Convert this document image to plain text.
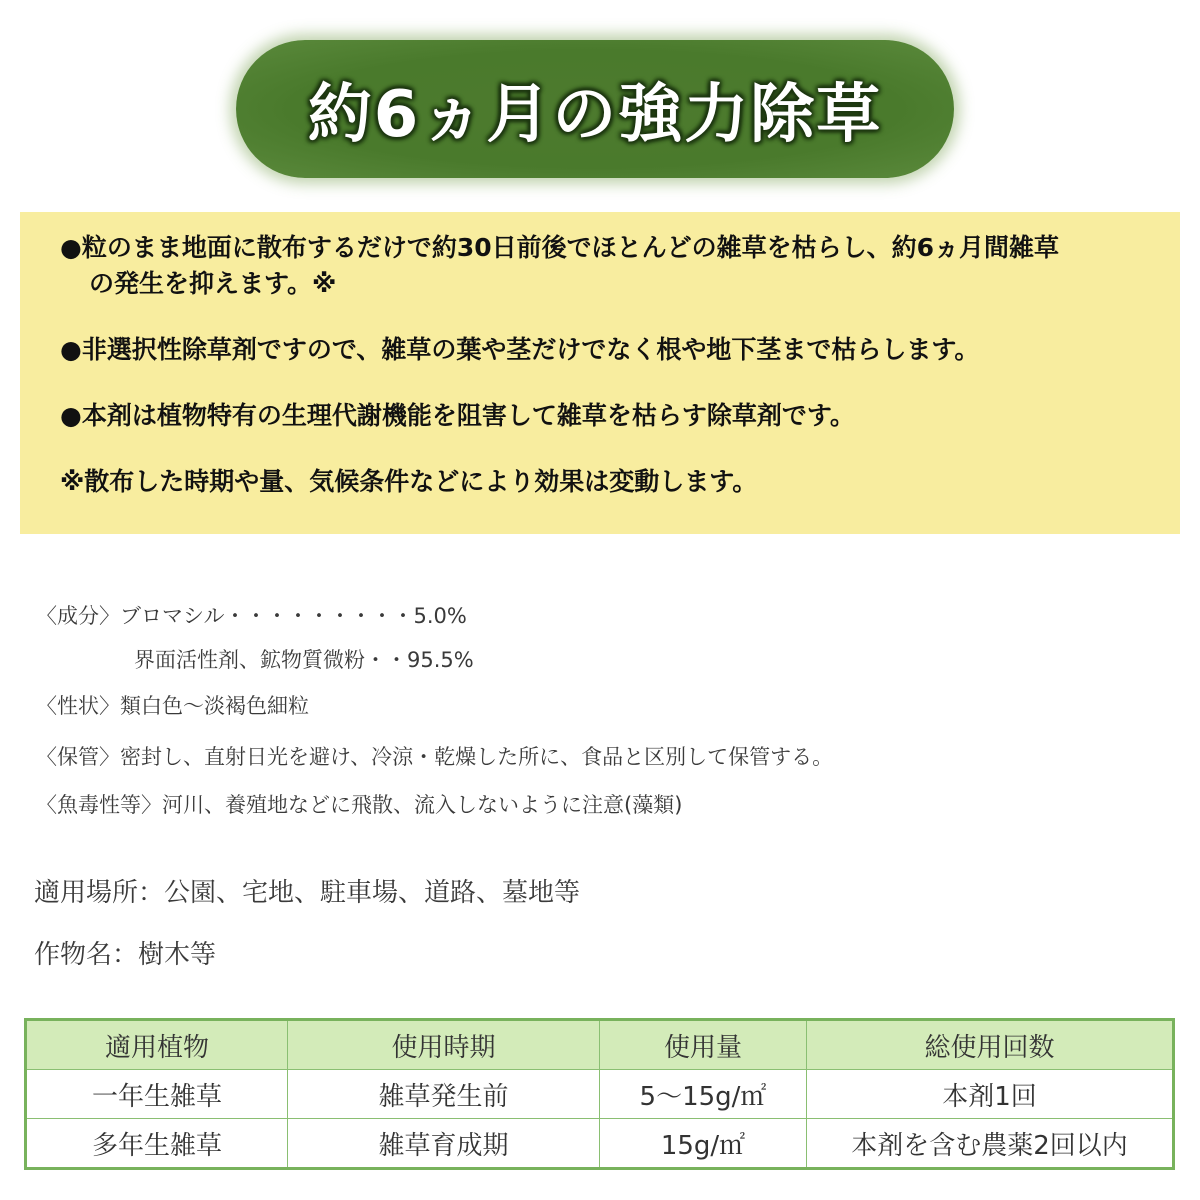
約6ヵ月の強力除草

●粒のまま地面に散布するだけで約30日前後でほとんどの雑草を枯らし、約6ヵ月間雑草

の発生を抑えます。※

●非選択性除草剤ですので、雑草の葉や茎だけでなく根や地下茎まで枯らします。

●本剤は植物特有の生理代謝機能を阻害して雑草を枯らす除草剤です。

※散布した時期や量、気候条件などにより効果は変動します。

〈成分〉ブロマシル・・・・・・・・・5.0%
界面活性剤、鉱物質微粉・・95.5%
〈性状〉類白色～淡褐色細粒
〈保管〉密封し、直射日光を避け、冷涼・乾燥した所に、食品と区別して保管する。
〈魚毒性等〉河川、養殖地などに飛散、流入しないように注意(藻類)
適用場所：公園、宅地、駐車場、道路、墓地等
作物名：樹木等
適用植物	使用時期	使用量	総使用回数
一年生雑草	雑草発生前	5～15g/㎡	本剤1回
多年生雑草	雑草育成期	15g/㎡	本剤を含む農薬2回以内
